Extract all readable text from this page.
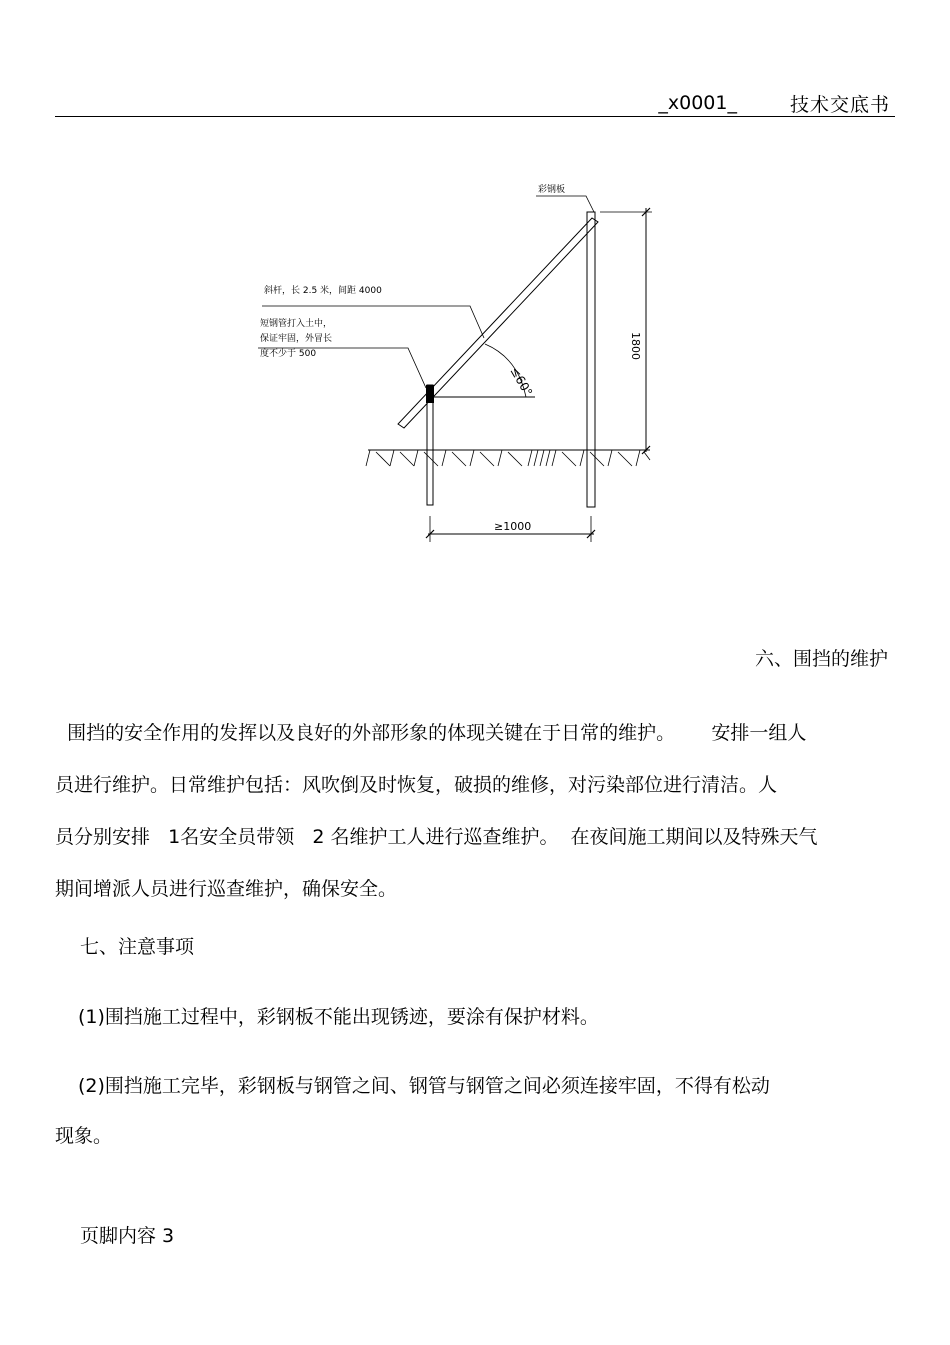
_x0001_	技术交底书
≤60°
彩钢板
斜杆，长 2.5 米，间距 4000
短钢管打入土中，
保证牢固，外冒长
度不少于 500	1800
≥1000
六、围挡的维护
围挡的安全作用的发挥以及良好的外部形象的体现关键在于日常的维护。      安排一组人
员进行维护。日常维护包括：风吹倒及时恢复，破损的维修，对污染部位进行清洁。人
员分别安排   1名安全员带领   2 名维护工人进行巡查维护。  在夜间施工期间以及特殊天气
期间增派人员进行巡查维护，确保安全。
七、注意事项
(1)围挡施工过程中，彩钢板不能出现锈迹，要涂有保护材料。
(2)围挡施工完毕，彩钢板与钢管之间、钢管与钢管之间必须连接牢固，不得有松动
现象。
页脚内容 3
